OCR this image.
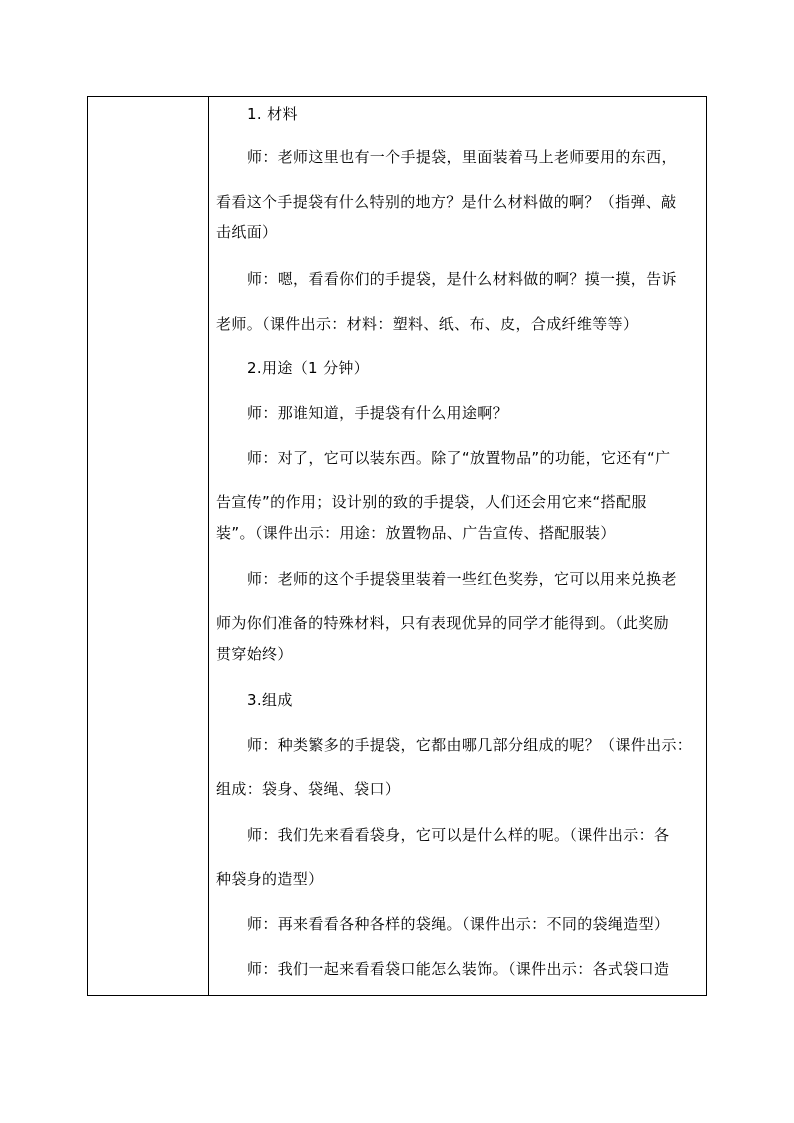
1. 材料
师：老师这里也有一个手提袋，里面装着马上老师要用的东西，
看看这个手提袋有什么特别的地方？是什么材料做的啊？（指弹、敲
击纸面）
师：嗯，看看你们的手提袋，是什么材料做的啊？摸一摸，告诉
老师。（课件出示：材料：塑料、纸、布、皮，合成纤维等等）
2.用途（1 分钟）
师：那谁知道，手提袋有什么用途啊？
师：对了，它可以装东西。除了“放置物品”的功能，它还有“广
告宣传”的作用；设计别的致的手提袋，人们还会用它来“搭配服
装”。（课件出示：用途：放置物品、广告宣传、搭配服装）
师：老师的这个手提袋里装着一些红色奖券，它可以用来兑换老
师为你们准备的特殊材料，只有表现优异的同学才能得到。（此奖励
贯穿始终）
3.组成
师：种类繁多的手提袋，它都由哪几部分组成的呢？（课件出示：
组成：袋身、袋绳、袋口）
师：我们先来看看袋身，它可以是什么样的呢。（课件出示：各
种袋身的造型）
师：再来看看各种各样的袋绳。（课件出示：不同的袋绳造型）
师：我们一起来看看袋口能怎么装饰。（课件出示：各式袋口造
